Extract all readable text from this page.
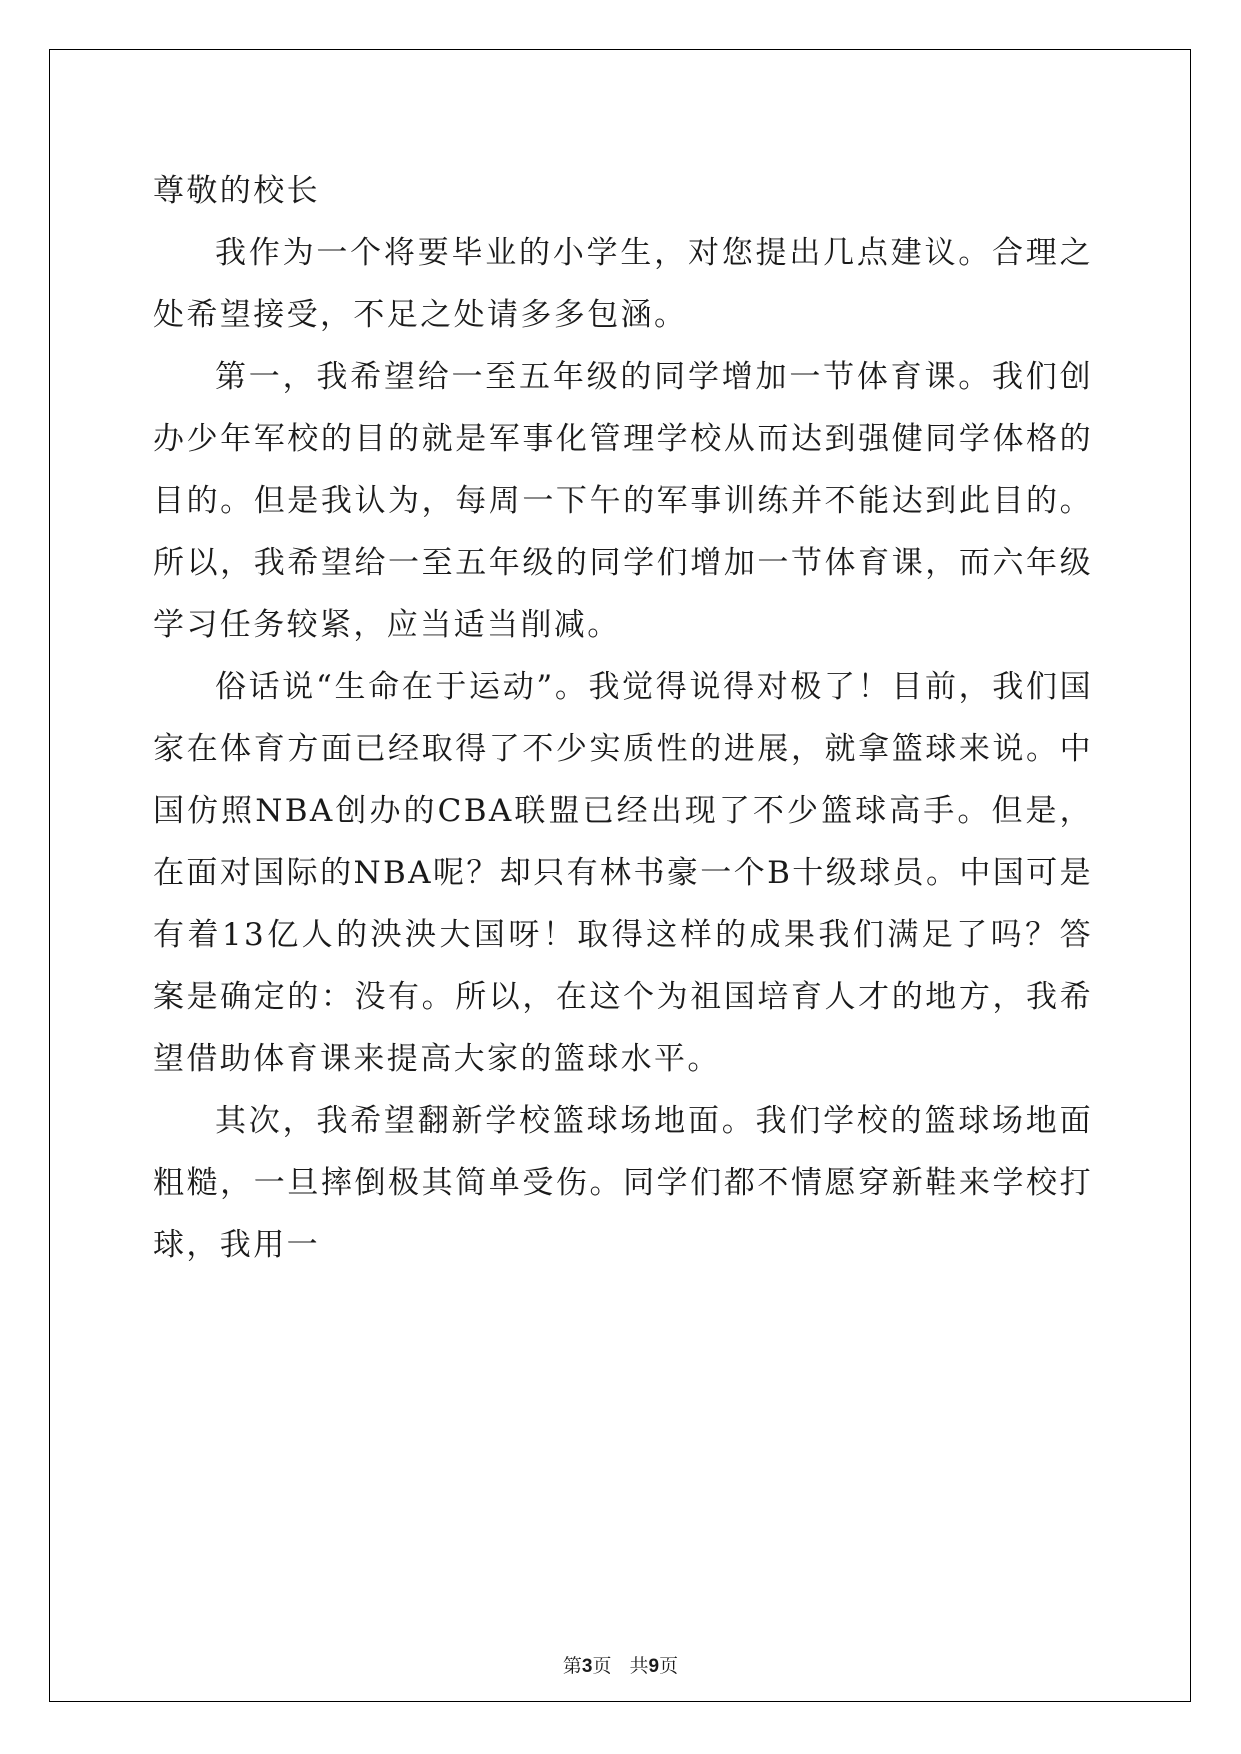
尊敬的校长

我作为一个将要毕业的小学生，对您提出几点建议。合理之处希望接受，不足之处请多多包涵。

第一，我希望给一至五年级的同学增加一节体育课。我们创办少年军校的目的就是军事化管理学校从而达到强健同学体格的目的。但是我认为，每周一下午的军事训练并不能达到此目的。所以，我希望给一至五年级的同学们增加一节体育课，而六年级学习任务较紧，应当适当削减。

俗话说“生命在于运动”。我觉得说得对极了！目前，我们国家在体育方面已经取得了不少实质性的进展，就拿篮球来说。中国仿照NBA创办的CBA联盟已经出现了不少篮球高手。但是，在面对国际的NBA呢？却只有林书豪一个B十级球员。中国可是有着13亿人的泱泱大国呀！取得这样的成果我们满足了吗？答案是确定的：没有。所以，在这个为祖国培育人才的地方，我希望借助体育课来提高大家的篮球水平。

其次，我希望翻新学校篮球场地面。我们学校的篮球场地面粗糙，一旦摔倒极其简单受伤。同学们都不情愿穿新鞋来学校打球，我用一

第3页 共9页
